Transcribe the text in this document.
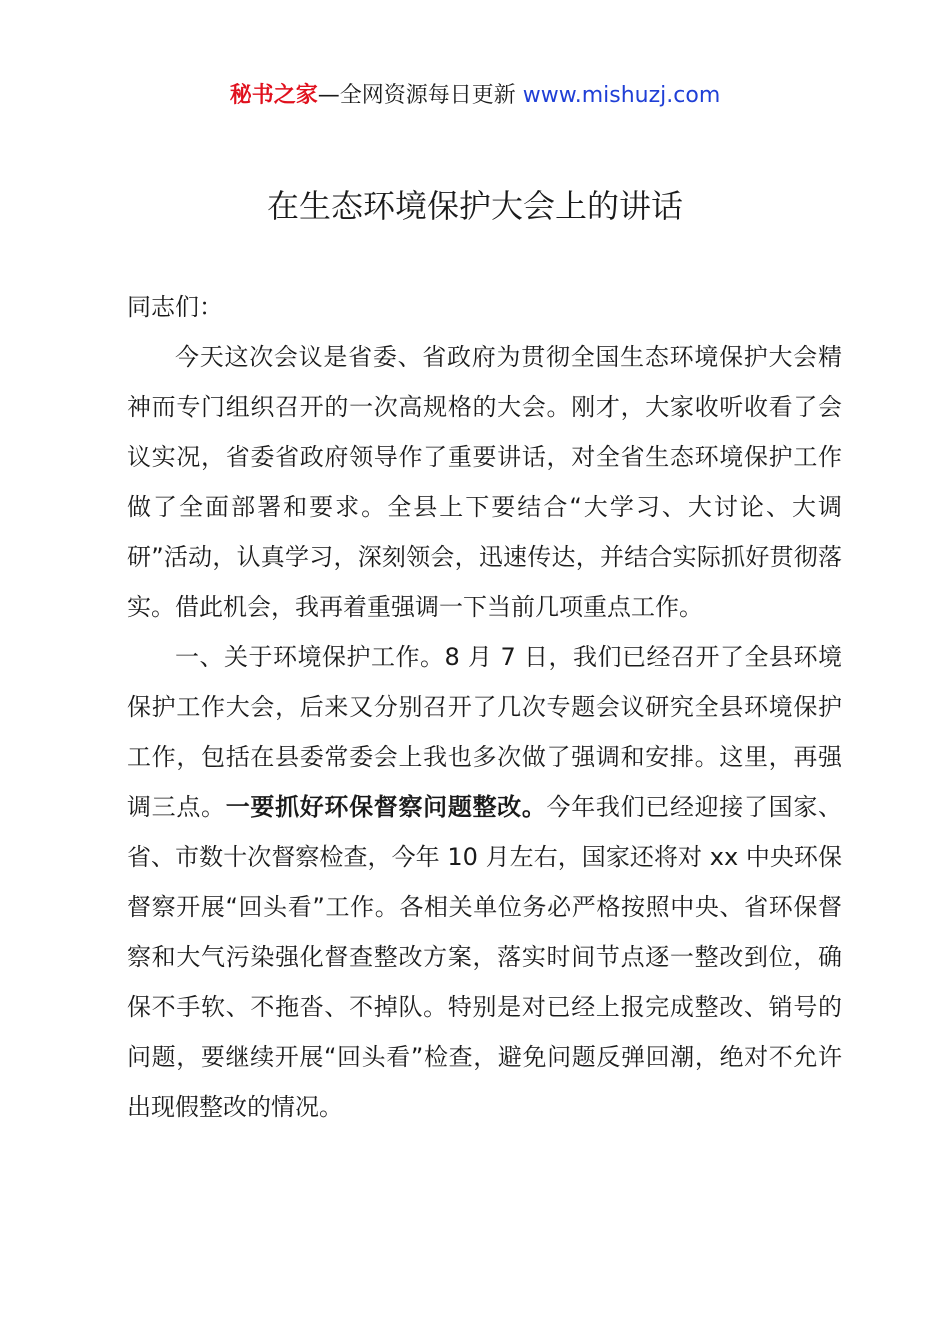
秘书之家—全网资源每日更新 www.mishuzj.com
在生态环境保护大会上的讲话

同志们：

今天这次会议是省委、省政府为贯彻全国生态环境保护大会精神而专门组织召开的一次高规格的大会。刚才，大家收听收看了会议实况，省委省政府领导作了重要讲话，对全省生态环境保护工作做了全面部署和要求。全县上下要结合“大学习、大讨论、大调研”活动，认真学习，深刻领会，迅速传达，并结合实际抓好贯彻落实。借此机会，我再着重强调一下当前几项重点工作。

一、关于环境保护工作。8 月 7 日，我们已经召开了全县环境保护工作大会，后来又分别召开了几次专题会议研究全县环境保护工作，包括在县委常委会上我也多次做了强调和安排。这里，再强调三点。一要抓好环保督察问题整改。今年我们已经迎接了国家、省、市数十次督察检查，今年 10 月左右，国家还将对 xx 中央环保督察开展“回头看”工作。各相关单位务必严格按照中央、省环保督察和大气污染强化督查整改方案，落实时间节点逐一整改到位，确保不手软、不拖沓、不掉队。特别是对已经上报完成整改、销号的问题，要继续开展“回头看”检查，避免问题反弹回潮，绝对不允许出现假整改的情况。
